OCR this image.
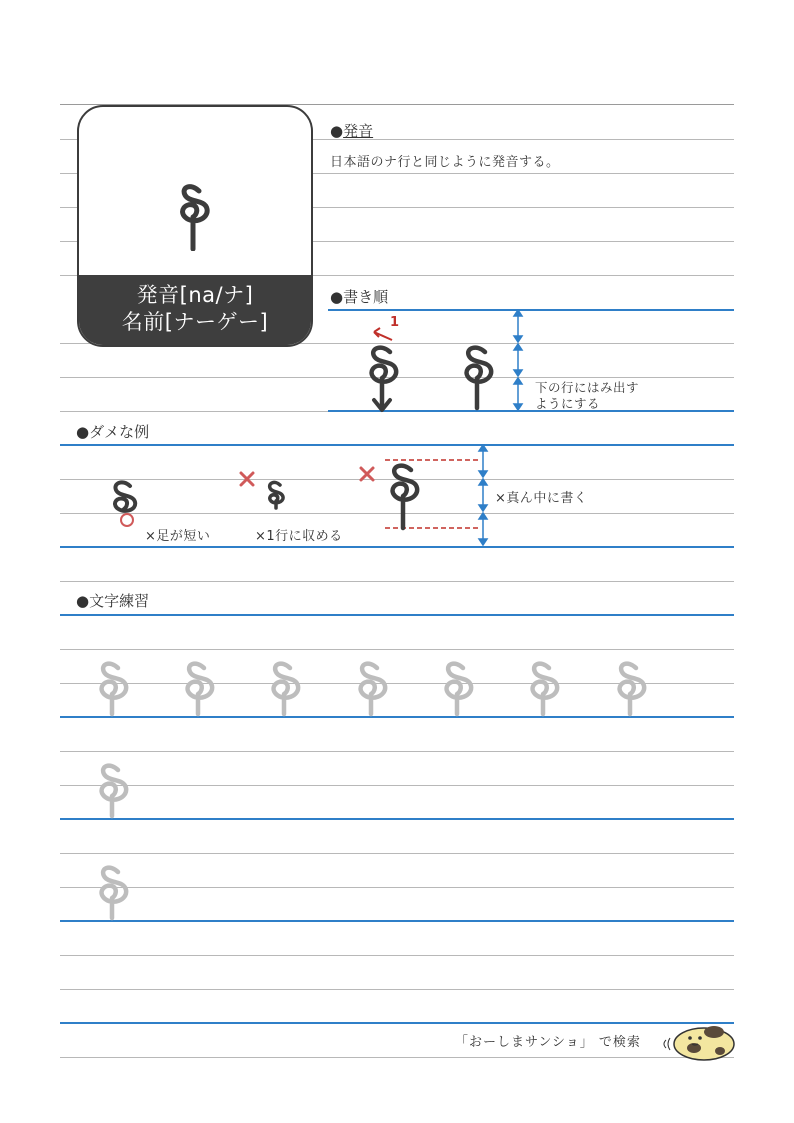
発音[na/ナ]
名前[ナーゲー]
●発音
日本語のナ行と同じように発音する。
●書き順
1
下の行にはみ出す
ようにする
●ダメな例
×足が短い	×1行に収める
×真ん中に書く
●文字練習
「おーしまサンショ」 で検索
